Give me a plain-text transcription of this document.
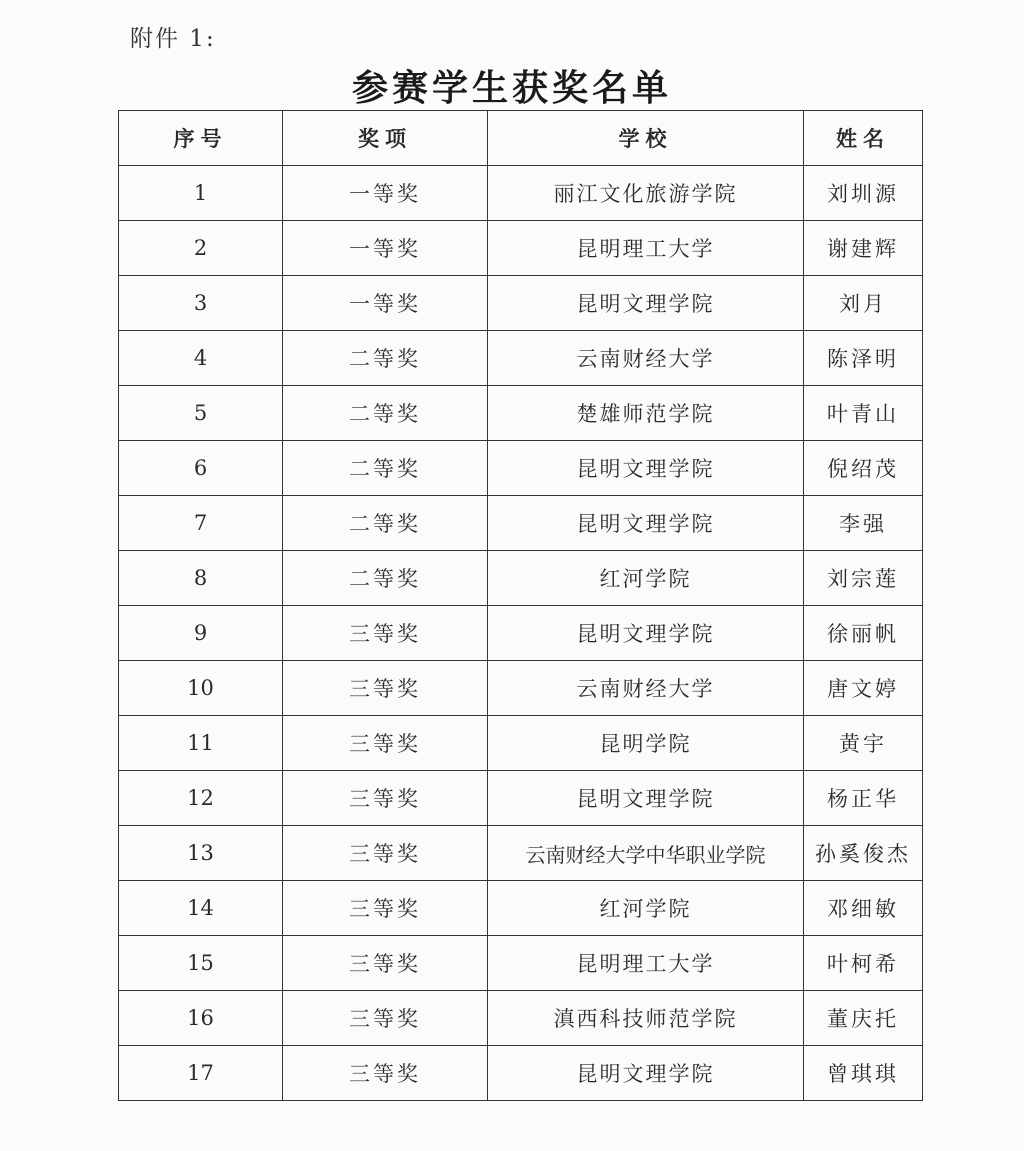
附件 1:
参赛学生获奖名单
序号	奖项	学校	姓名
1	一等奖	丽江文化旅游学院	刘圳源
2	一等奖	昆明理工大学	谢建辉
3	一等奖	昆明文理学院	刘月
4	二等奖	云南财经大学	陈泽明
5	二等奖	楚雄师范学院	叶青山
6	二等奖	昆明文理学院	倪绍茂
7	二等奖	昆明文理学院	李强
8	二等奖	红河学院	刘宗莲
9	三等奖	昆明文理学院	徐丽帆
10	三等奖	云南财经大学	唐文婷
11	三等奖	昆明学院	黄宇
12	三等奖	昆明文理学院	杨正华
13	三等奖	云南财经大学中华职业学院	孙奚俊杰
14	三等奖	红河学院	邓细敏
15	三等奖	昆明理工大学	叶柯希
16	三等奖	滇西科技师范学院	董庆托
17	三等奖	昆明文理学院	曾琪琪
